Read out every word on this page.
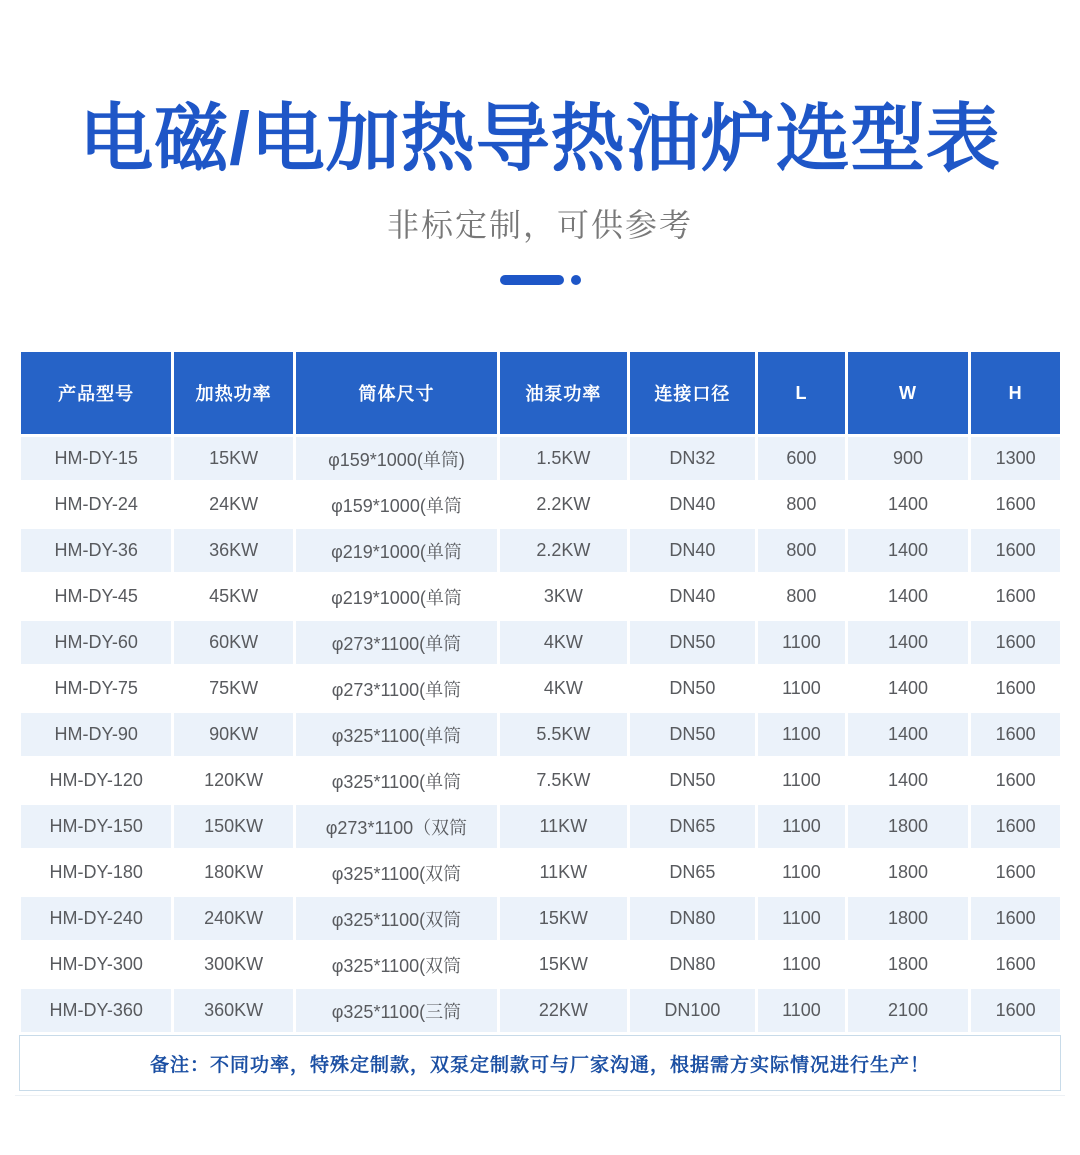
电磁/电加热导热油炉选型表
非标定制，可供参考
产品型号	加热功率	筒体尺寸	油泵功率	连接口径	L	W	H
HM-DY-15	15KW	φ159*1000(单筒)	1.5KW	DN32	600	900	1300
HM-DY-24	24KW	φ159*1000(单筒	2.2KW	DN40	800	1400	1600
HM-DY-36	36KW	φ219*1000(单筒	2.2KW	DN40	800	1400	1600
HM-DY-45	45KW	φ219*1000(单筒	3KW	DN40	800	1400	1600
HM-DY-60	60KW	φ273*1100(单筒	4KW	DN50	1100	1400	1600
HM-DY-75	75KW	φ273*1100(单筒	4KW	DN50	1100	1400	1600
HM-DY-90	90KW	φ325*1100(单筒	5.5KW	DN50	1100	1400	1600
HM-DY-120	120KW	φ325*1100(单筒	7.5KW	DN50	1100	1400	1600
HM-DY-150	150KW	φ273*1100（双筒	11KW	DN65	1100	1800	1600
HM-DY-180	180KW	φ325*1100(双筒	11KW	DN65	1100	1800	1600
HM-DY-240	240KW	φ325*1100(双筒	15KW	DN80	1100	1800	1600
HM-DY-300	300KW	φ325*1100(双筒	15KW	DN80	1100	1800	1600
HM-DY-360	360KW	φ325*1100(三筒	22KW	DN100	1100	2100	1600
备注：不同功率，特殊定制款，双泵定制款可与厂家沟通，根据需方实际情况进行生产！
